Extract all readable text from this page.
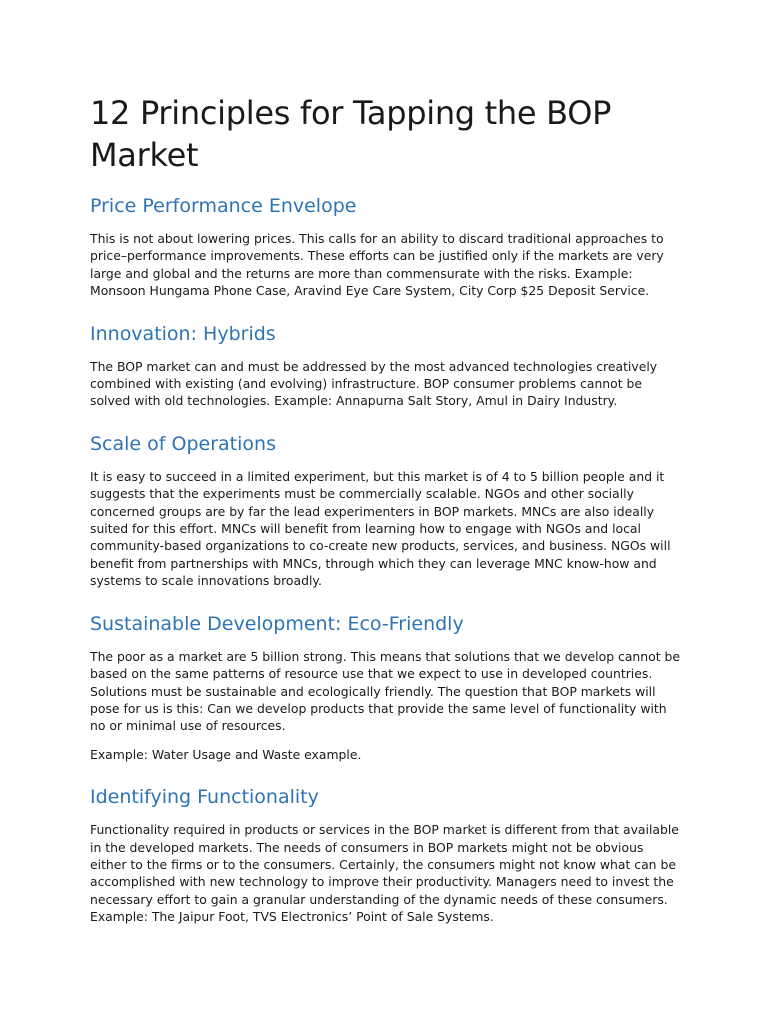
12 Principles for Tapping the BOP Market
Price Performance Envelope

This is not about lowering prices. This calls for an ability to discard traditional approaches to price–performance improvements. These efforts can be justified only if the markets are very large and global and the returns are more than commensurate with the risks. Example: Monsoon Hungama Phone Case, Aravind Eye Care System, City Corp $25 Deposit Service.

Innovation: Hybrids

The BOP market can and must be addressed by the most advanced technologies creatively combined with existing (and evolving) infrastructure. BOP consumer problems cannot be solved with old technologies. Example: Annapurna Salt Story, Amul in Dairy Industry.

Scale of Operations

It is easy to succeed in a limited experiment, but this market is of 4 to 5 billion people and it suggests that the experiments must be commercially scalable. NGOs and other socially concerned groups are by far the lead experimenters in BOP markets. MNCs are also ideally suited for this effort. MNCs will benefit from learning how to engage with NGOs and local community-based organizations to co-create new products, services, and business. NGOs will benefit from partnerships with MNCs, through which they can leverage MNC know-how and systems to scale innovations broadly.

Sustainable Development: Eco-Friendly

The poor as a market are 5 billion strong. This means that solutions that we develop cannot be based on the same patterns of resource use that we expect to use in developed countries. Solutions must be sustainable and ecologically friendly. The question that BOP markets will pose for us is this: Can we develop products that provide the same level of functionality with no or minimal use of resources.

Example: Water Usage and Waste example.

Identifying Functionality

Functionality required in products or services in the BOP market is different from that available in the developed markets. The needs of consumers in BOP markets might not be obvious either to the firms or to the consumers. Certainly, the consumers might not know what can be accomplished with new technology to improve their productivity. Managers need to invest the necessary effort to gain a granular understanding of the dynamic needs of these consumers. Example: The Jaipur Foot, TVS Electronics’ Point of Sale Systems.
